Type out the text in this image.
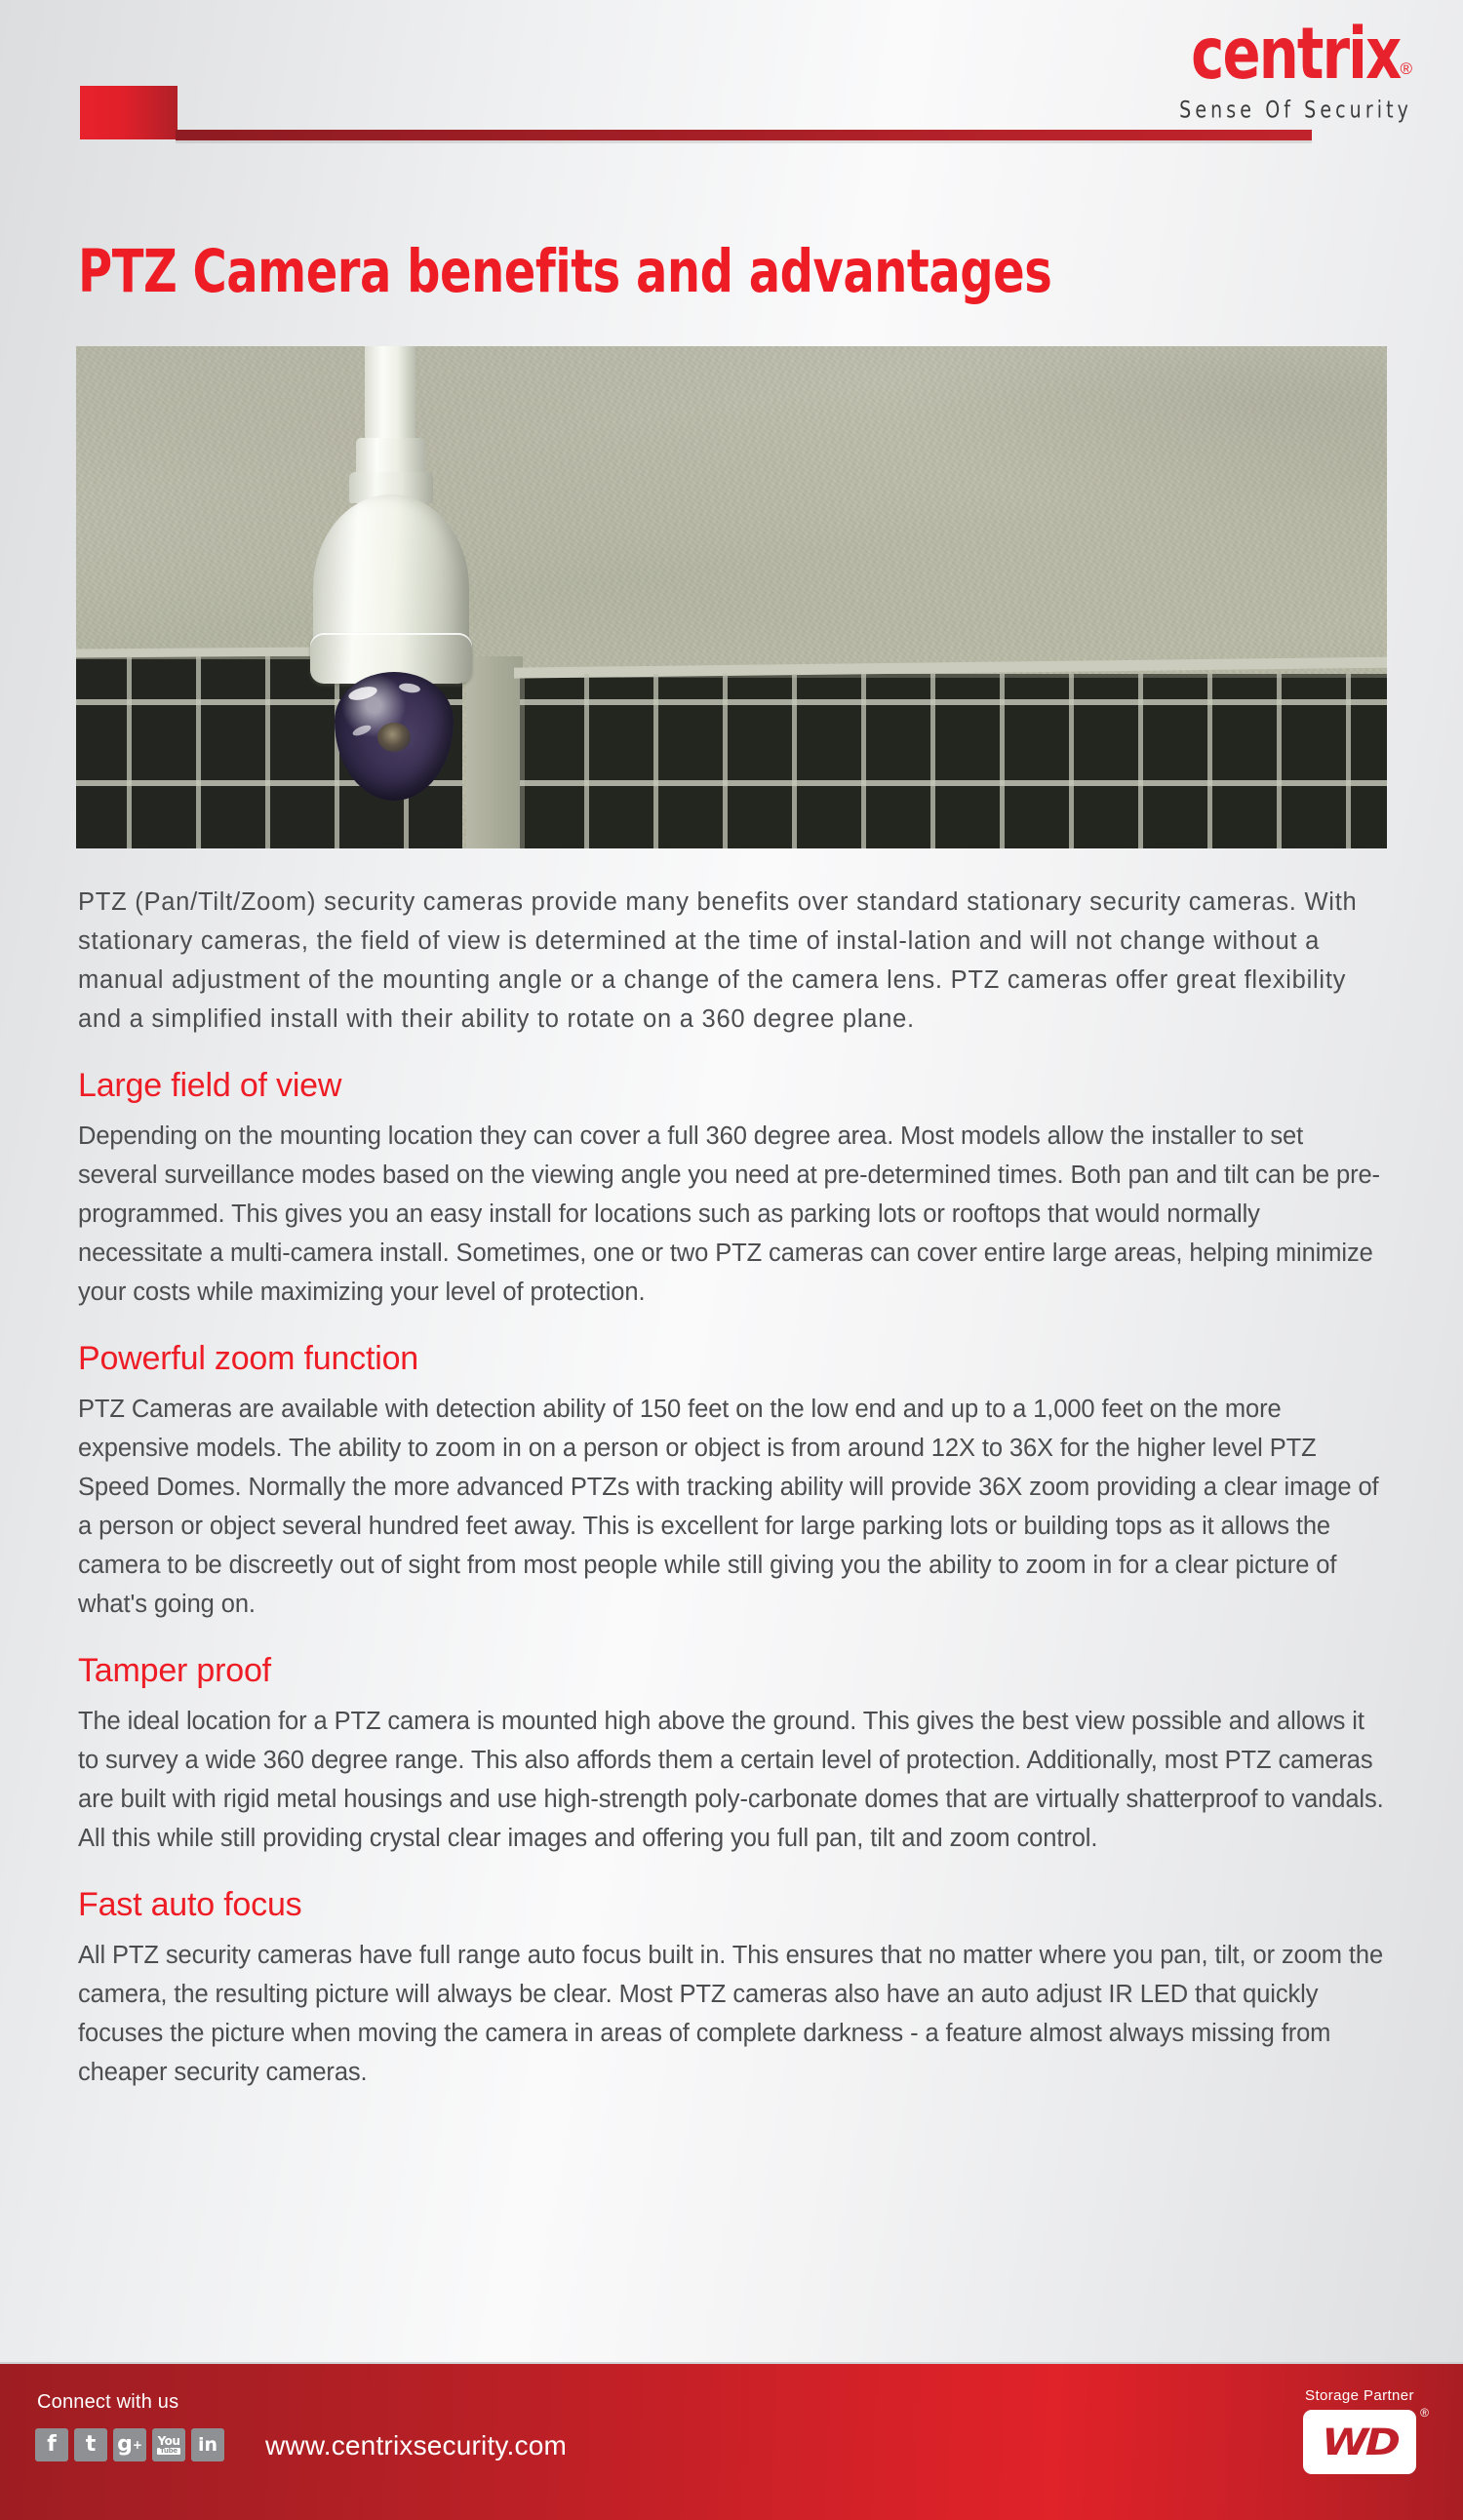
centrix®
Sense Of Security
PTZ Camera benefits and advantages

PTZ (Pan/Tilt/Zoom) security cameras provide many benefits over standard stationary security cameras. With stationary cameras, the field of view is determined at the time of instal-lation and will not change without a manual adjustment of the mounting angle or a change of the camera lens. PTZ cameras offer great flexibility and a simplified install with their ability to rotate on a 360 degree plane.

Large field of view

Depending on the mounting location they can cover a full 360 degree area. Most models allow the installer to set several surveillance modes based on the viewing angle you need at pre-determined times. Both pan and tilt can be pre-programmed. This gives you an easy install for locations such as parking lots or rooftops that would normally necessitate a multi-camera install. Sometimes, one or two PTZ cameras can cover entire large areas, helping minimize your costs while maximizing your level of protection.

Powerful zoom function

PTZ Cameras are available with detection ability of 150 feet on the low end and up to a 1,000 feet on the more expensive models. The ability to zoom in on a person or object is from around 12X to 36X for the higher level PTZ Speed Domes. Normally the more advanced PTZs with tracking ability will provide 36X zoom providing a clear image of a person or object several hundred feet away. This is excellent for large parking lots or building tops as it allows the camera to be discreetly out of sight from most people while still giving you the ability to zoom in for a clear picture of what's going on.

Tamper proof

The ideal location for a PTZ camera is mounted high above the ground. This gives the best view possible and allows it to survey a wide 360 degree range. This also affords them a certain level of protection. Additionally, most PTZ cameras are built with rigid metal housings and use high-strength poly-carbonate domes that are virtually shatterproof to vandals. All this while still providing crystal clear images and offering you full pan, tilt and zoom control.

Fast auto focus

All PTZ security cameras have full range auto focus built in. This ensures that no matter where you pan, tilt, or zoom the camera, the resulting picture will always be clear. Most PTZ cameras also have an auto adjust IR LED that quickly focuses the picture when moving the camera in areas of complete darkness - a feature almost always missing from cheaper security cameras.

Connect with us
f t g + You
Tube in www.centrixsecurity.com
Storage Partner
WD
®
